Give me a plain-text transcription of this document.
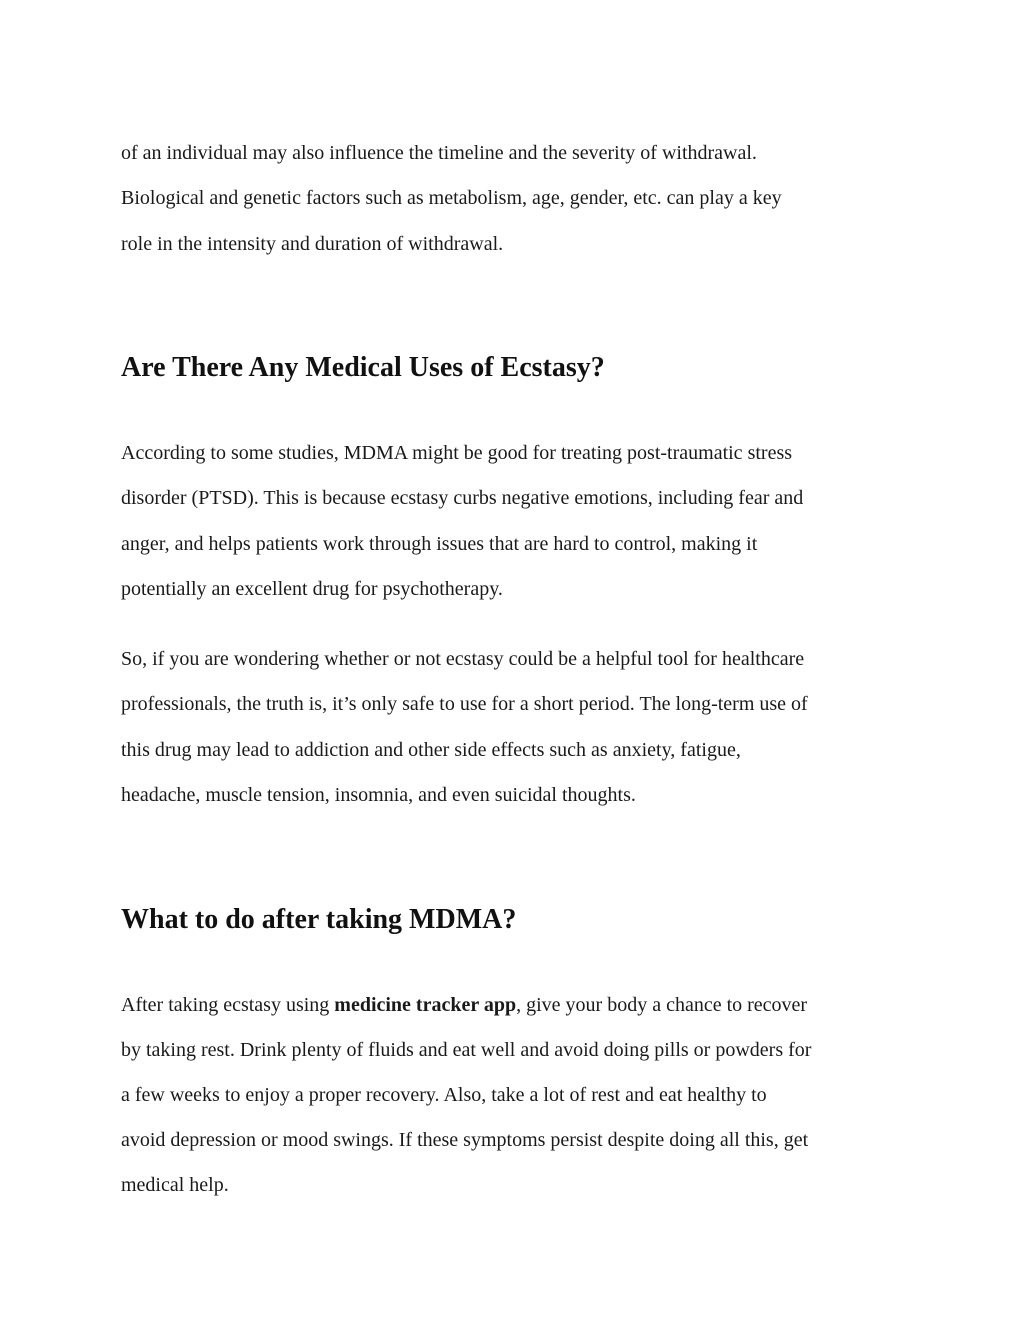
of an individual may also influence the timeline and the severity of withdrawal.
Biological and genetic factors such as metabolism, age, gender, etc. can play a key
role in the intensity and duration of withdrawal.
Are There Any Medical Uses of Ecstasy?
According to some studies, MDMA might be good for treating post-traumatic stress
disorder (PTSD). This is because ecstasy curbs negative emotions, including fear and
anger, and helps patients work through issues that are hard to control, making it
potentially an excellent drug for psychotherapy.
So, if you are wondering whether or not ecstasy could be a helpful tool for healthcare
professionals, the truth is, it’s only safe to use for a short period. The long-term use of
this drug may lead to addiction and other side effects such as anxiety, fatigue,
headache, muscle tension, insomnia, and even suicidal thoughts.
What to do after taking MDMA?
After taking ecstasy using medicine tracker app, give your body a chance to recover
by taking rest. Drink plenty of fluids and eat well and avoid doing pills or powders for
a few weeks to enjoy a proper recovery. Also, take a lot of rest and eat healthy to
avoid depression or mood swings. If these symptoms persist despite doing all this, get
medical help.
